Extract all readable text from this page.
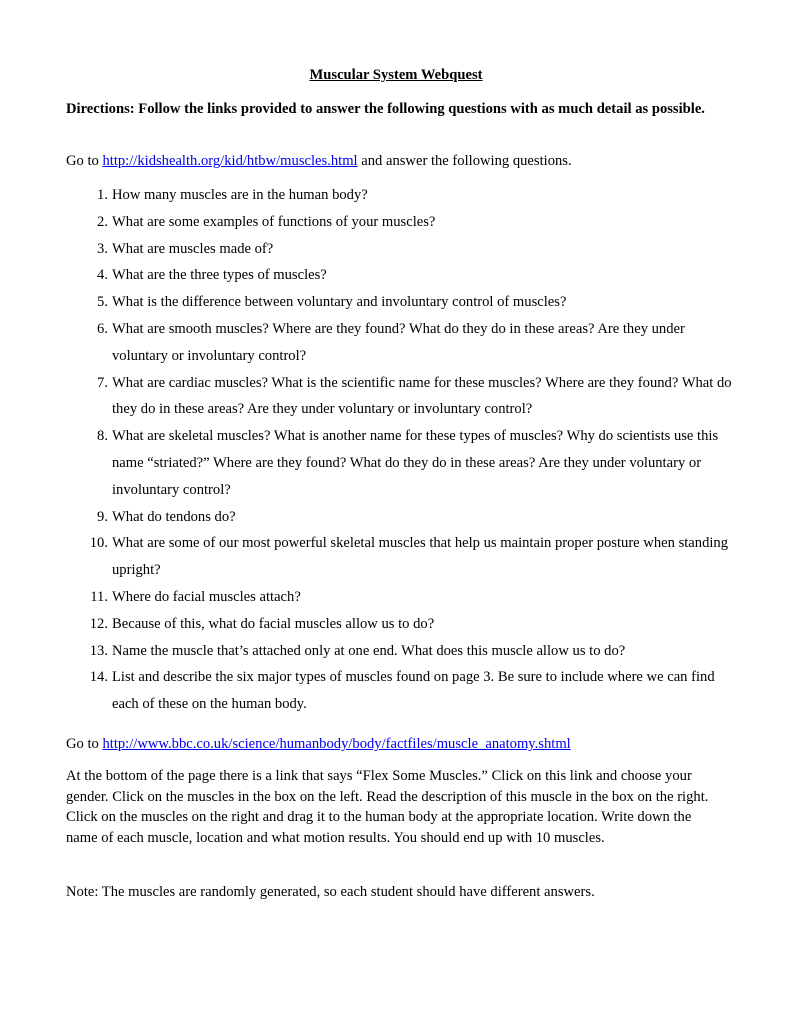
Muscular System Webquest
Directions: Follow the links provided to answer the following questions with as much detail as possible.
Go to http://kidshealth.org/kid/htbw/muscles.html and answer the following questions.
1. How many muscles are in the human body?
2. What are some examples of functions of your muscles?
3. What are muscles made of?
4. What are the three types of muscles?
5. What is the difference between voluntary and involuntary control of muscles?
6. What are smooth muscles? Where are they found? What do they do in these areas? Are they under voluntary or involuntary control?
7. What are cardiac muscles? What is the scientific name for these muscles? Where are they found? What do they do in these areas? Are they under voluntary or involuntary control?
8. What are skeletal muscles? What is another name for these types of muscles? Why do scientists use this name “striated?” Where are they found? What do they do in these areas? Are they under voluntary or involuntary control?
9. What do tendons do?
10. What are some of our most powerful skeletal muscles that help us maintain proper posture when standing upright?
11. Where do facial muscles attach?
12. Because of this, what do facial muscles allow us to do?
13. Name the muscle that’s attached only at one end. What does this muscle allow us to do?
14. List and describe the six major types of muscles found on page 3. Be sure to include where we can find each of these on the human body.
Go to http://www.bbc.co.uk/science/humanbody/body/factfiles/muscle_anatomy.shtml
At the bottom of the page there is a link that says “Flex Some Muscles.” Click on this link and choose your gender. Click on the muscles in the box on the left. Read the description of this muscle in the box on the right. Click on the muscles on the right and drag it to the human body at the appropriate location. Write down the name of each muscle, location and what motion results. You should end up with 10 muscles.
Note: The muscles are randomly generated, so each student should have different answers.
